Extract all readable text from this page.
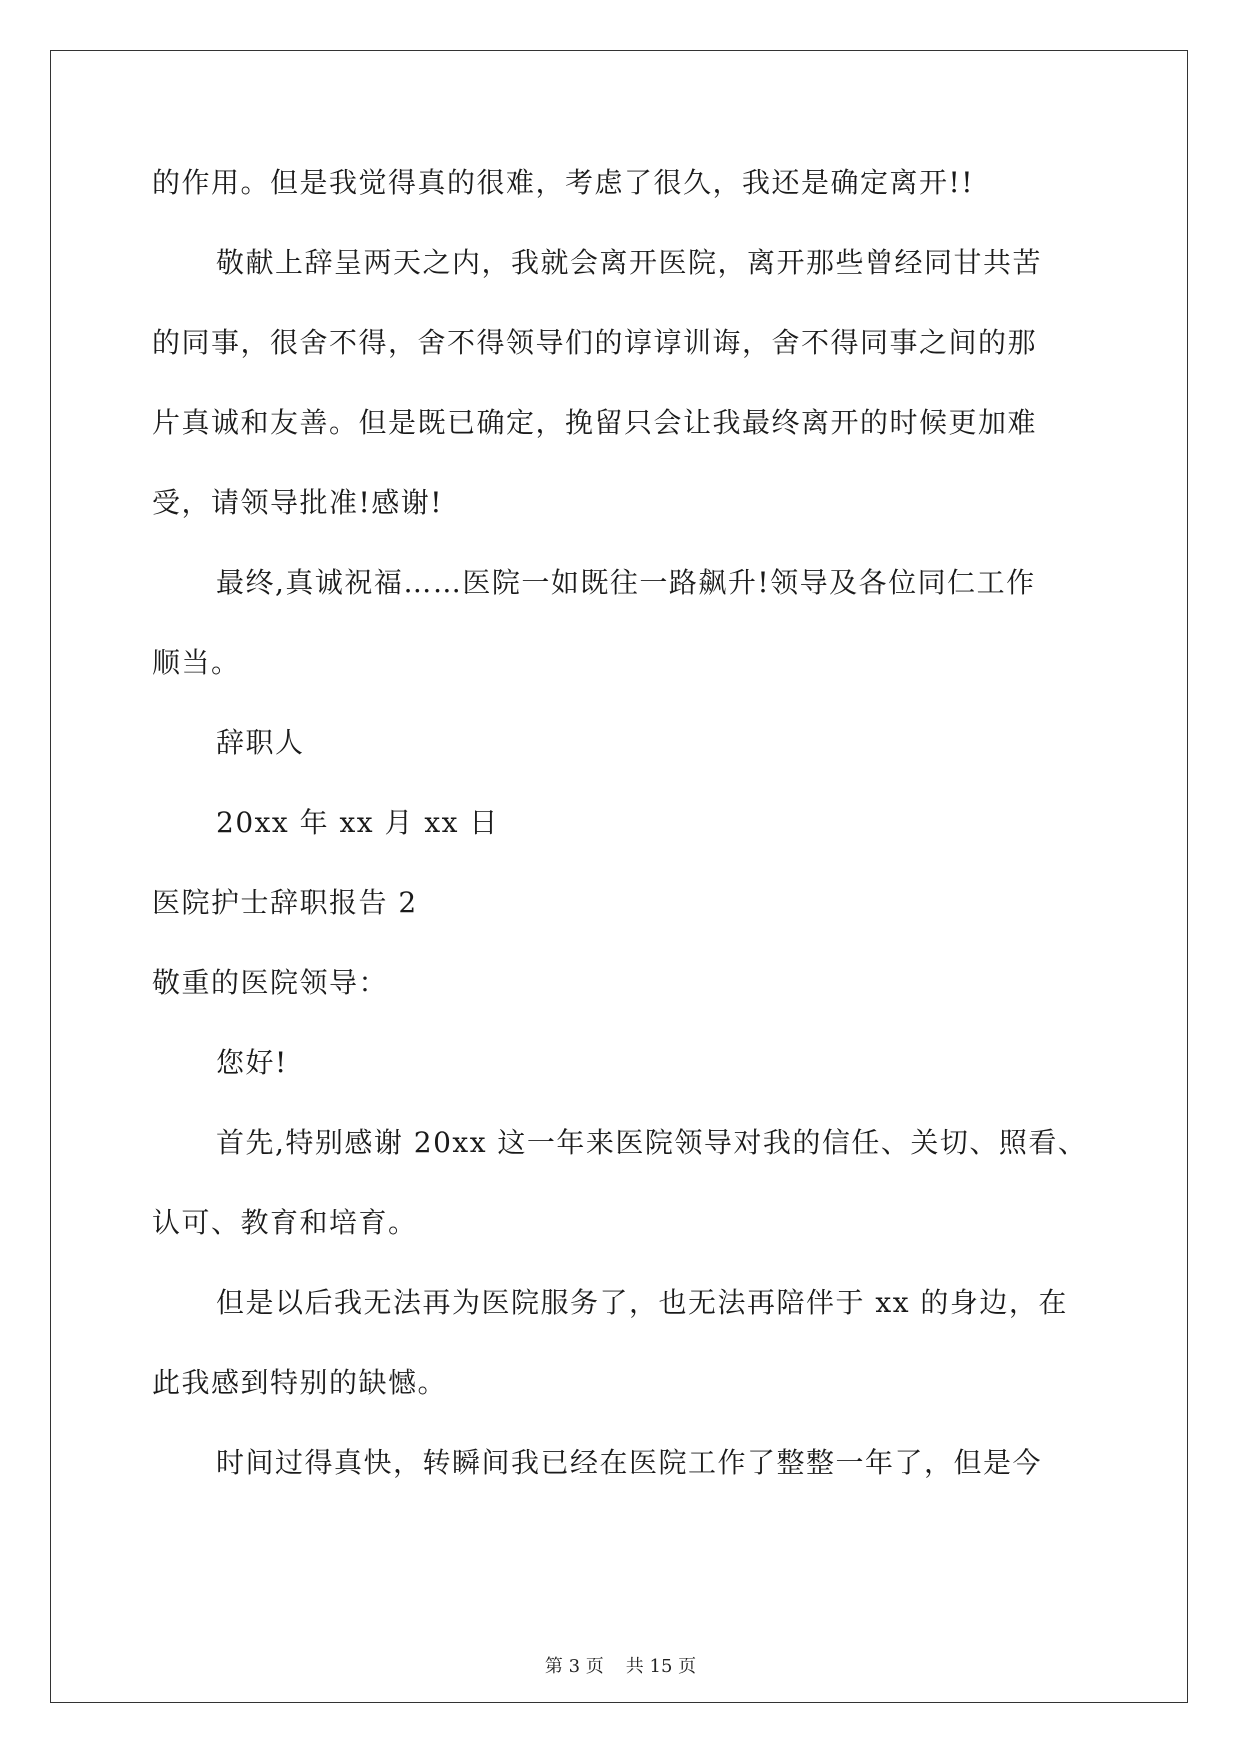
的作用。但是我觉得真的很难，考虑了很久，我还是确定离开!!
敬献上辞呈两天之内，我就会离开医院，离开那些曾经同甘共苦
的同事，很舍不得，舍不得领导们的谆谆训诲，舍不得同事之间的那
片真诚和友善。但是既已确定，挽留只会让我最终离开的时候更加难
受，请领导批准!感谢!
最终,真诚祝福……医院一如既往一路飙升!领导及各位同仁工作
顺当。
辞职人
20xx 年 xx 月 xx 日
医院护士辞职报告 2
敬重的医院领导：
您好!
首先,特别感谢 20xx 这一年来医院领导对我的信任、关切、照看、
认可、教育和培育。
但是以后我无法再为医院服务了，也无法再陪伴于 xx 的身边，在
此我感到特别的缺憾。
时间过得真快，转瞬间我已经在医院工作了整整一年了，但是今
第 3 页 共 15 页
